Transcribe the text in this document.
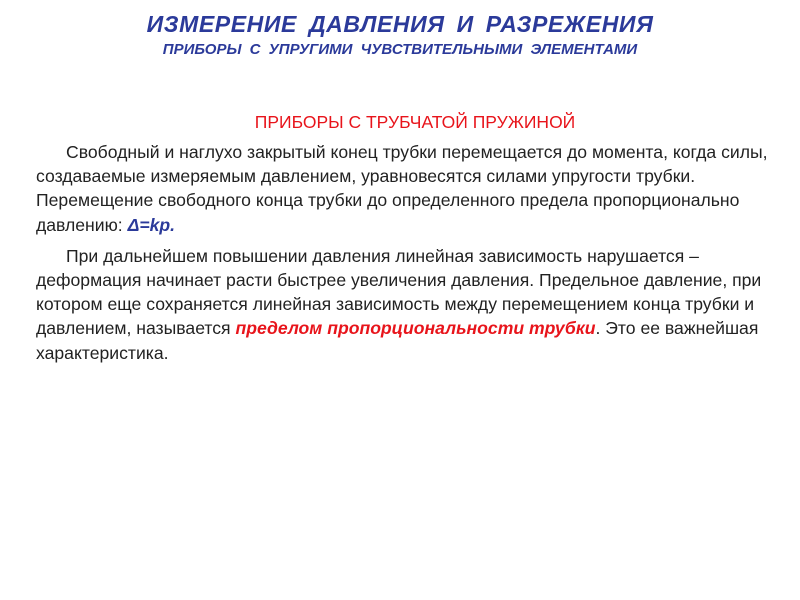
ИЗМЕРЕНИЕ ДАВЛЕНИЯ И РАЗРЕЖЕНИЯ
ПРИБОРЫ С УПРУГИМИ ЧУВСТВИТЕЛЬНЫМИ ЭЛЕМЕНТАМИ
ПРИБОРЫ С ТРУБЧАТОЙ ПРУЖИНОЙ

Свободный и наглухо закрытый конец трубки перемещается до момента, когда силы, создаваемые измеряемым давлением, уравновесятся силами упругости трубки. Перемещение свободного конца трубки до определенного предела пропорционально давлению: Δ=kp.

При дальнейшем повышении давления линейная зависимость нарушается – деформация начинает расти быстрее увеличения давления. Предельное давление, при котором еще сохраняется линейная зависимость между перемещением конца трубки и давлением, называется пределом пропорциональности трубки. Это ее важнейшая характеристика.
